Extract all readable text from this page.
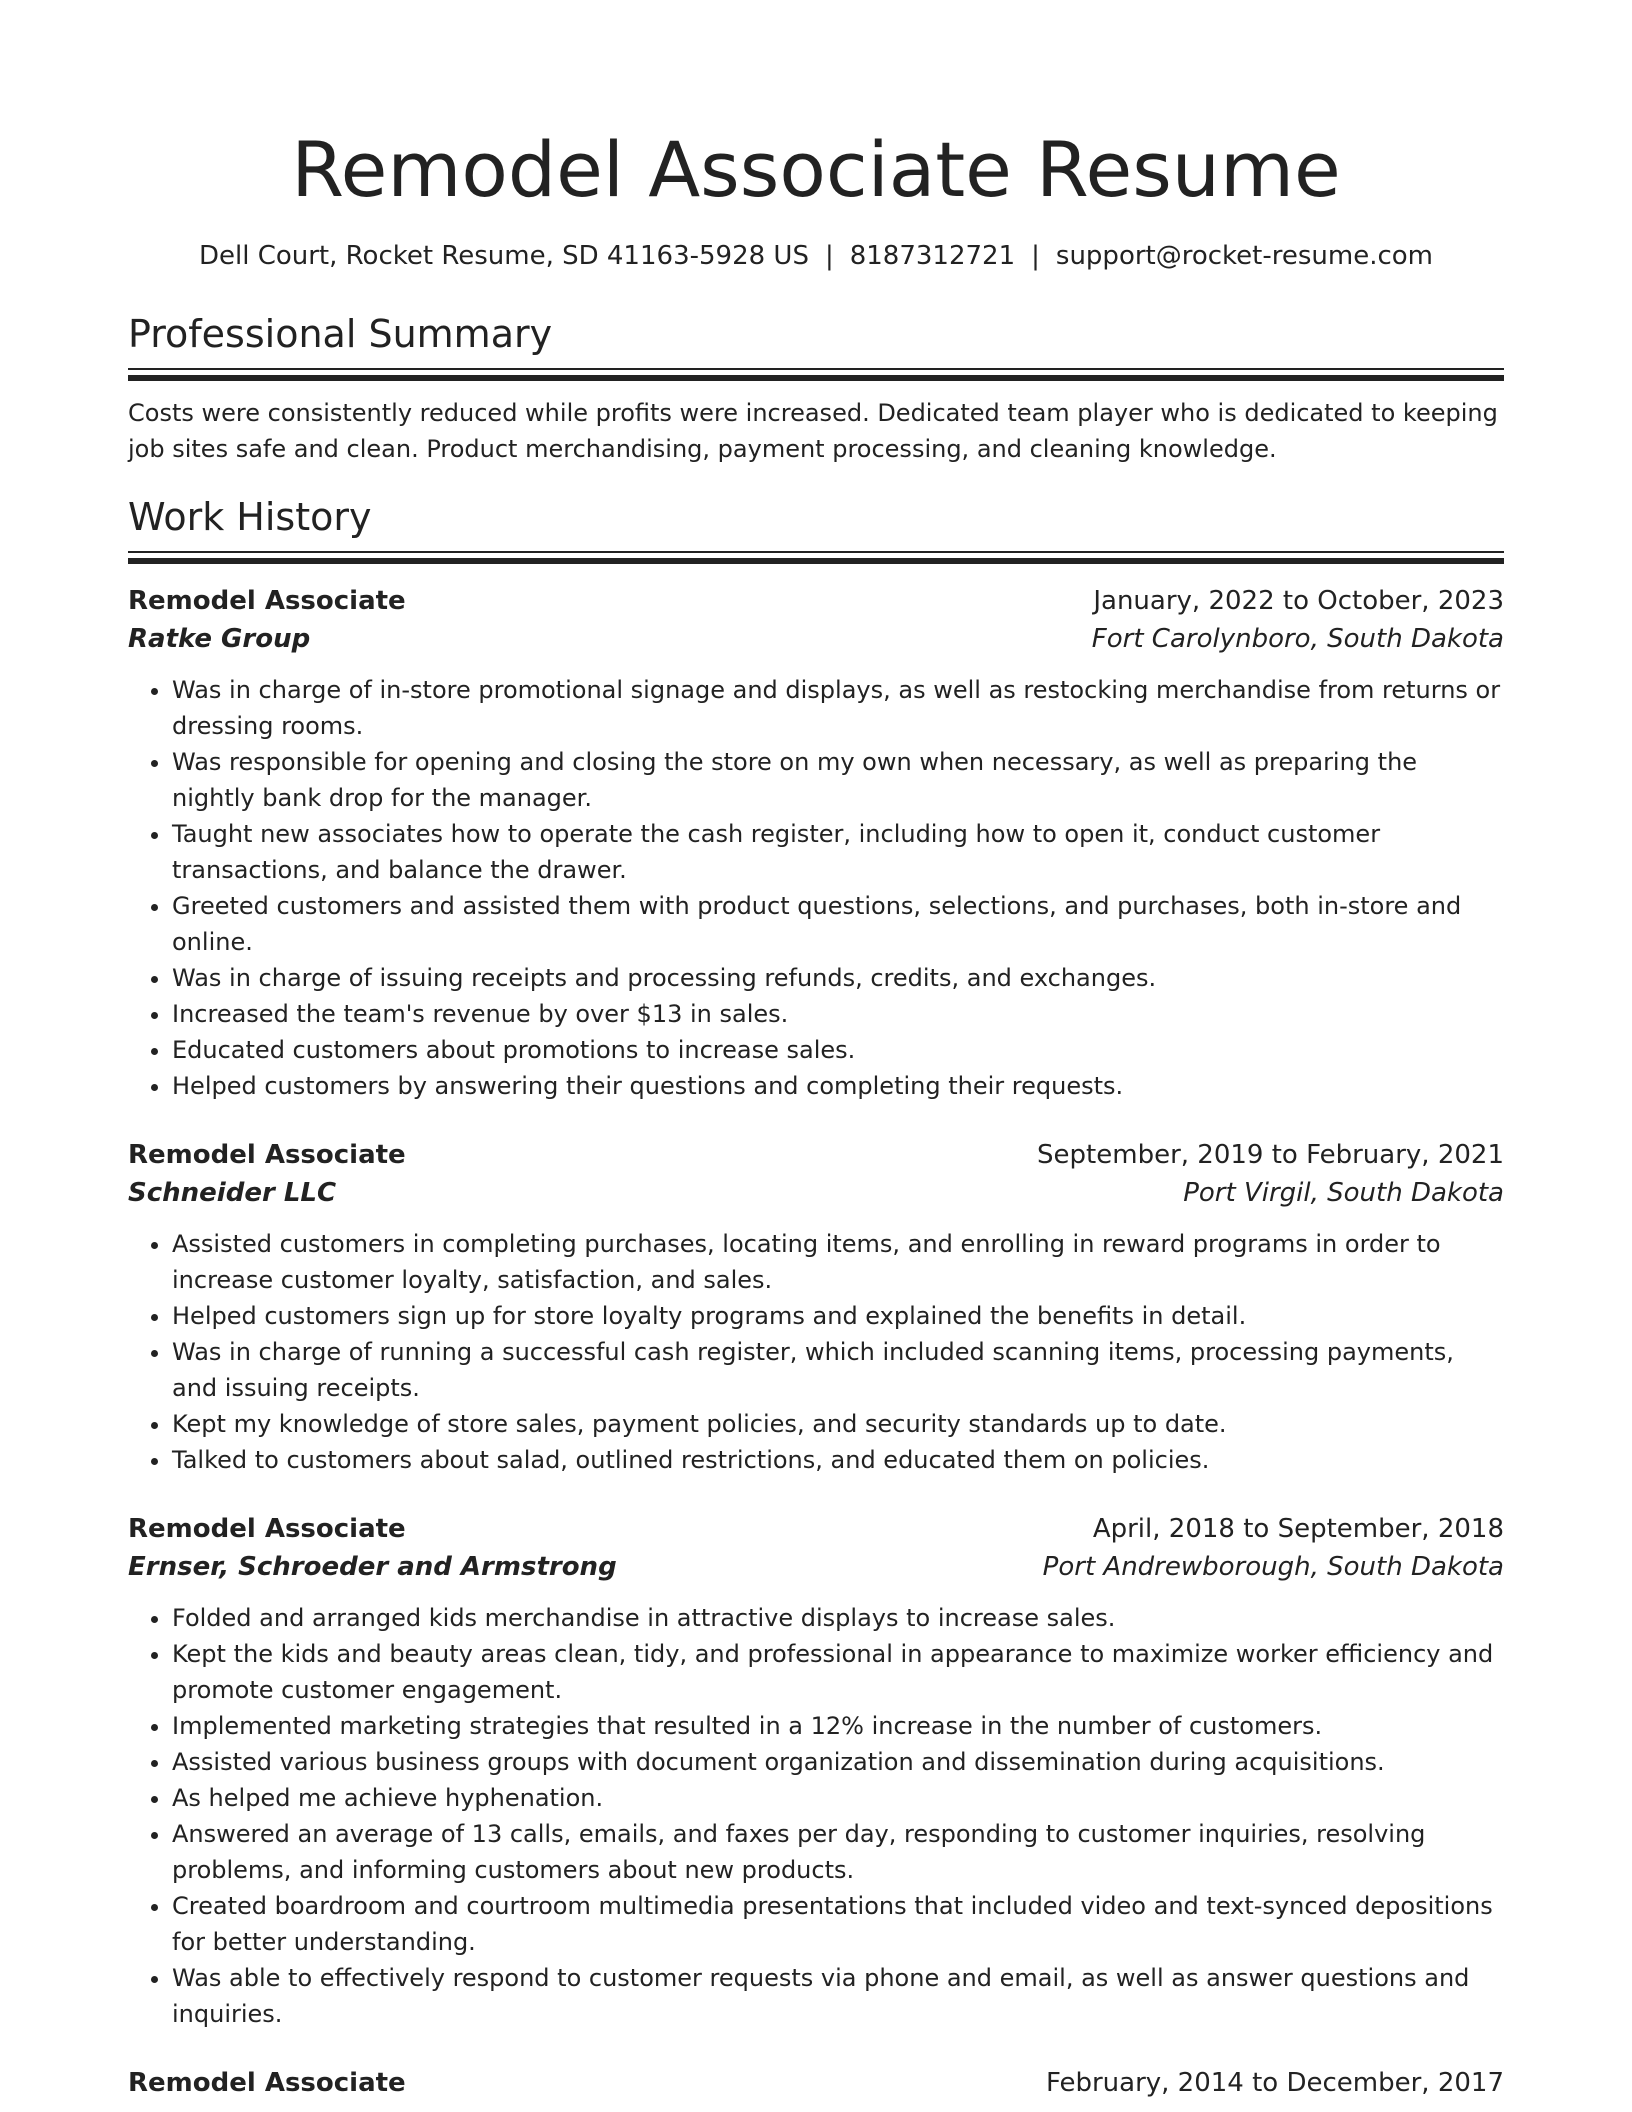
Remodel Associate Resume
Dell Court, Rocket Resume, SD 41163-5928 US | 8187312721 | support@rocket-resume.com
Professional Summary
Costs were consistently reduced while profits were increased. Dedicated team player who is dedicated to keeping job sites safe and clean. Product merchandising, payment processing, and cleaning knowledge.
Work History
Remodel Associate	January, 2022 to October, 2023
Ratke Group	Fort Carolynboro, South Dakota
• Was in charge of in-store promotional signage and displays, as well as restocking merchandise from returns or dressing rooms.
• Was responsible for opening and closing the store on my own when necessary, as well as preparing the nightly bank drop for the manager.
• Taught new associates how to operate the cash register, including how to open it, conduct customer transactions, and balance the drawer.
• Greeted customers and assisted them with product questions, selections, and purchases, both in-store and online.
• Was in charge of issuing receipts and processing refunds, credits, and exchanges.
• Increased the team's revenue by over $13 in sales.
• Educated customers about promotions to increase sales.
• Helped customers by answering their questions and completing their requests.
Remodel Associate	September, 2019 to February, 2021
Schneider LLC	Port Virgil, South Dakota
• Assisted customers in completing purchases, locating items, and enrolling in reward programs in order to increase customer loyalty, satisfaction, and sales.
• Helped customers sign up for store loyalty programs and explained the benefits in detail.
• Was in charge of running a successful cash register, which included scanning items, processing payments, and issuing receipts.
• Kept my knowledge of store sales, payment policies, and security standards up to date.
• Talked to customers about salad, outlined restrictions, and educated them on policies.
Remodel Associate	April, 2018 to September, 2018
Ernser, Schroeder and Armstrong	Port Andrewborough, South Dakota
• Folded and arranged kids merchandise in attractive displays to increase sales.
• Kept the kids and beauty areas clean, tidy, and professional in appearance to maximize worker efficiency and promote customer engagement.
• Implemented marketing strategies that resulted in a 12% increase in the number of customers.
• Assisted various business groups with document organization and dissemination during acquisitions.
• As helped me achieve hyphenation.
• Answered an average of 13 calls, emails, and faxes per day, responding to customer inquiries, resolving problems, and informing customers about new products.
• Created boardroom and courtroom multimedia presentations that included video and text-synced depositions for better understanding.
• Was able to effectively respond to customer requests via phone and email, as well as answer questions and inquiries.
Remodel Associate	February, 2014 to December, 2017
